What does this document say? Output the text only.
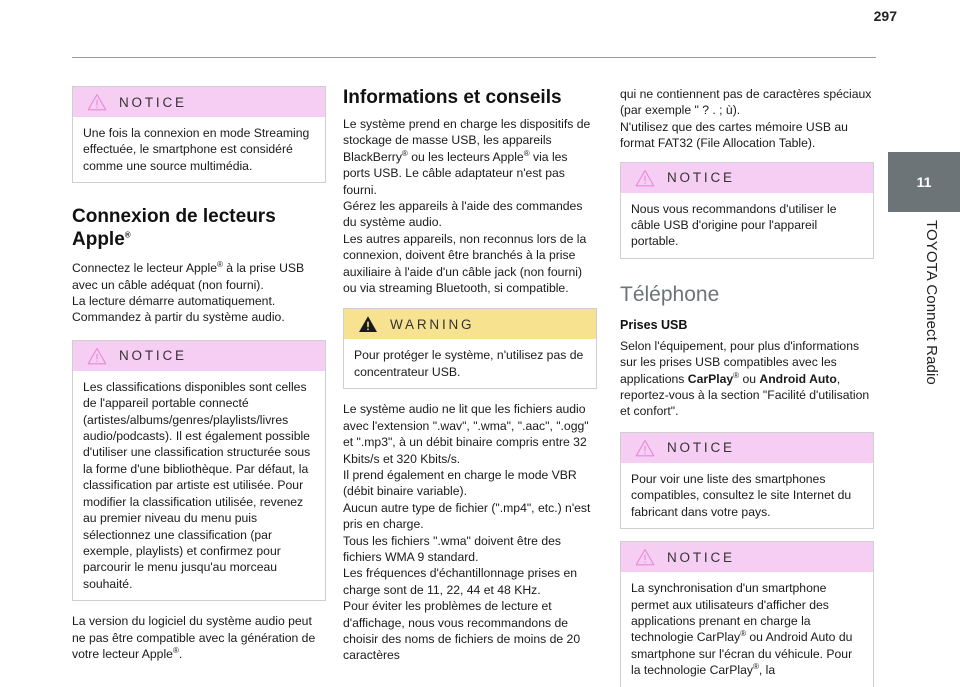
297
11
TOYOTA Connect Radio
NOTICE

Une fois la connexion en mode Streaming effectuée, le smartphone est considéré comme une source multimédia.

Connexion de lecteurs Apple®

Connectez le lecteur Apple® à la prise USB avec un câble adéquat (non fourni).
La lecture démarre automatiquement.
Commandez à partir du système audio.

NOTICE

Les classifications disponibles sont celles de l'appareil portable connecté (artistes/albums/genres/playlists/livres audio/podcasts). Il est également possible d'utiliser une classification structurée sous la forme d'une bibliothèque. Par défaut, la classification par artiste est utilisée. Pour modifier la classification utilisée, revenez au premier niveau du menu puis sélectionnez une classification (par exemple, playlists) et confirmez pour parcourir le menu jusqu'au morceau souhaité.

La version du logiciel du système audio peut ne pas être compatible avec la génération de votre lecteur Apple®.

Informations et conseils

Le système prend en charge les dispositifs de stockage de masse USB, les appareils BlackBerry® ou les lecteurs Apple® via les ports USB. Le câble adaptateur n'est pas fourni.
Gérez les appareils à l'aide des commandes du système audio.
Les autres appareils, non reconnus lors de la connexion, doivent être branchés à la prise auxiliaire à l'aide d'un câble jack (non fourni) ou via streaming Bluetooth, si compatible.

WARNING

Pour protéger le système, n'utilisez pas de concentrateur USB.

Le système audio ne lit que les fichiers audio avec l'extension ".wav", ".wma", ".aac", ".ogg" et ".mp3", à un débit binaire compris entre 32 Kbits/s et 320 Kbits/s.
Il prend également en charge le mode VBR (débit binaire variable).
Aucun autre type de fichier (".mp4", etc.) n'est pris en charge.
Tous les fichiers ".wma" doivent être des fichiers WMA 9 standard.
Les fréquences d'échantillonnage prises en charge sont de 11, 22, 44 et 48 KHz.
Pour éviter les problèmes de lecture et d'affichage, nous vous recommandons de choisir des noms de fichiers de moins de 20 caractères

qui ne contiennent pas de caractères spéciaux (par exemple " ? . ; ù).
N'utilisez que des cartes mémoire USB au format FAT32 (File Allocation Table).

NOTICE

Nous vous recommandons d'utiliser le câble USB d'origine pour l'appareil portable.

Téléphone
Prises USB

Selon l'équipement, pour plus d'informations sur les prises USB compatibles avec les applications CarPlay® ou Android Auto, reportez-vous à la section "Facilité d'utilisation et confort".

NOTICE

Pour voir une liste des smartphones compatibles, consultez le site Internet du fabricant dans votre pays.

NOTICE

La synchronisation d'un smartphone permet aux utilisateurs d'afficher des applications prenant en charge la technologie CarPlay® ou Android Auto du smartphone sur l'écran du véhicule. Pour la technologie CarPlay®, la
